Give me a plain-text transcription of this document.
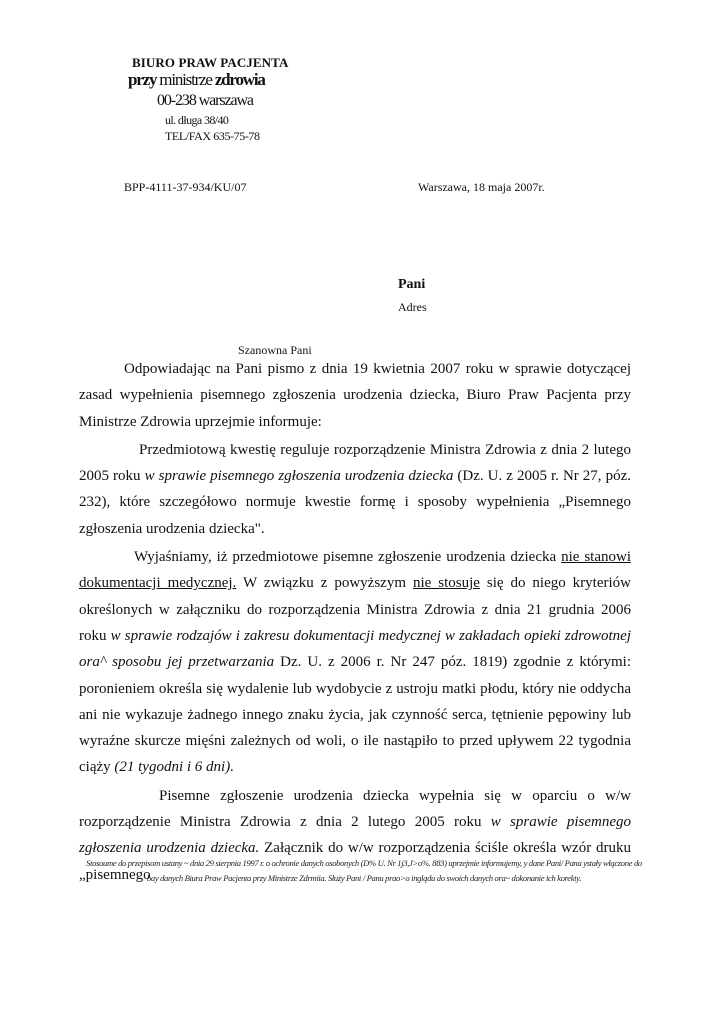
BIURO PRAW PACJENTA
przy ministrze zdrowia
00-238 warszawa
ul. długa 38/40
TEL/FAX 635-75-78
BPP-4111-37-934/KU/07	Warszawa, 18 maja 2007r.
Pani
Adres
Szanowna Pani

Odpowiadając na Pani pismo z dnia 19 kwietnia 2007 roku w sprawie dotyczącej zasad wypełnienia pisemnego zgłoszenia urodzenia dziecka, Biuro Praw Pacjenta przy Ministrze Zdrowia uprzejmie informuje:

Przedmiotową kwestię reguluje rozporządzenie Ministra Zdrowia z dnia 2 lutego 2005 roku w sprawie pisemnego zgłoszenia urodzenia dziecka (Dz. U. z 2005 r. Nr 27, póz. 232), które szczegółowo normuje kwestie formę i sposoby wypełnienia „Pisemnego zgłoszenia urodzenia dziecka".

Wyjaśniamy, iż przedmiotowe pisemne zgłoszenie urodzenia dziecka nie stanowi dokumentacji medycznej. W związku z powyższym nie stosuje się do niego kryteriów określonych w załączniku do rozporządzenia Ministra Zdrowia z dnia 21 grudnia 2006 roku w sprawie rodzajów i zakresu dokumentacji medycznej w zakładach opieki zdrowotnej ora^ sposobu jej przetwarzania Dz. U. z 2006 r. Nr 247 póz. 1819) zgodnie z którymi: poronieniem określa się wydalenie lub wydobycie z ustroju matki płodu, który nie oddycha ani nie wykazuje żadnego innego znaku życia, jak czynność serca, tętnienie pępowiny lub wyraźne skurcze mięśni zależnych od woli, o ile nastąpiło to przed upływem 22 tygodnia ciąży (21 tygodni i 6 dni).

Pisemne zgłoszenie urodzenia dziecka wypełnia się w oparciu o w/w rozporządzenie Ministra Zdrowia z dnia 2 lutego 2005 roku w sprawie pisemnego zgłoszenia urodzenia dziecka. Załącznik do w/w rozporządzenia ściśle określa wzór druku „pisemnego

Stosoume do przepisom ustany ~ dnia 29 sierpnia 1997 r. o ochronie danych osobonych (D% U. Nr 1j3,J>o%. 883) uprzejmie informujemy, y dane Pani/ Pana ystały włączone do
bay danych Biura Praw Pacjenta przy Ministrze Zdrmiia. Służy Pani / Panu prao>o inglądu do swoich danych ora~ dokonanie ich korekty.
